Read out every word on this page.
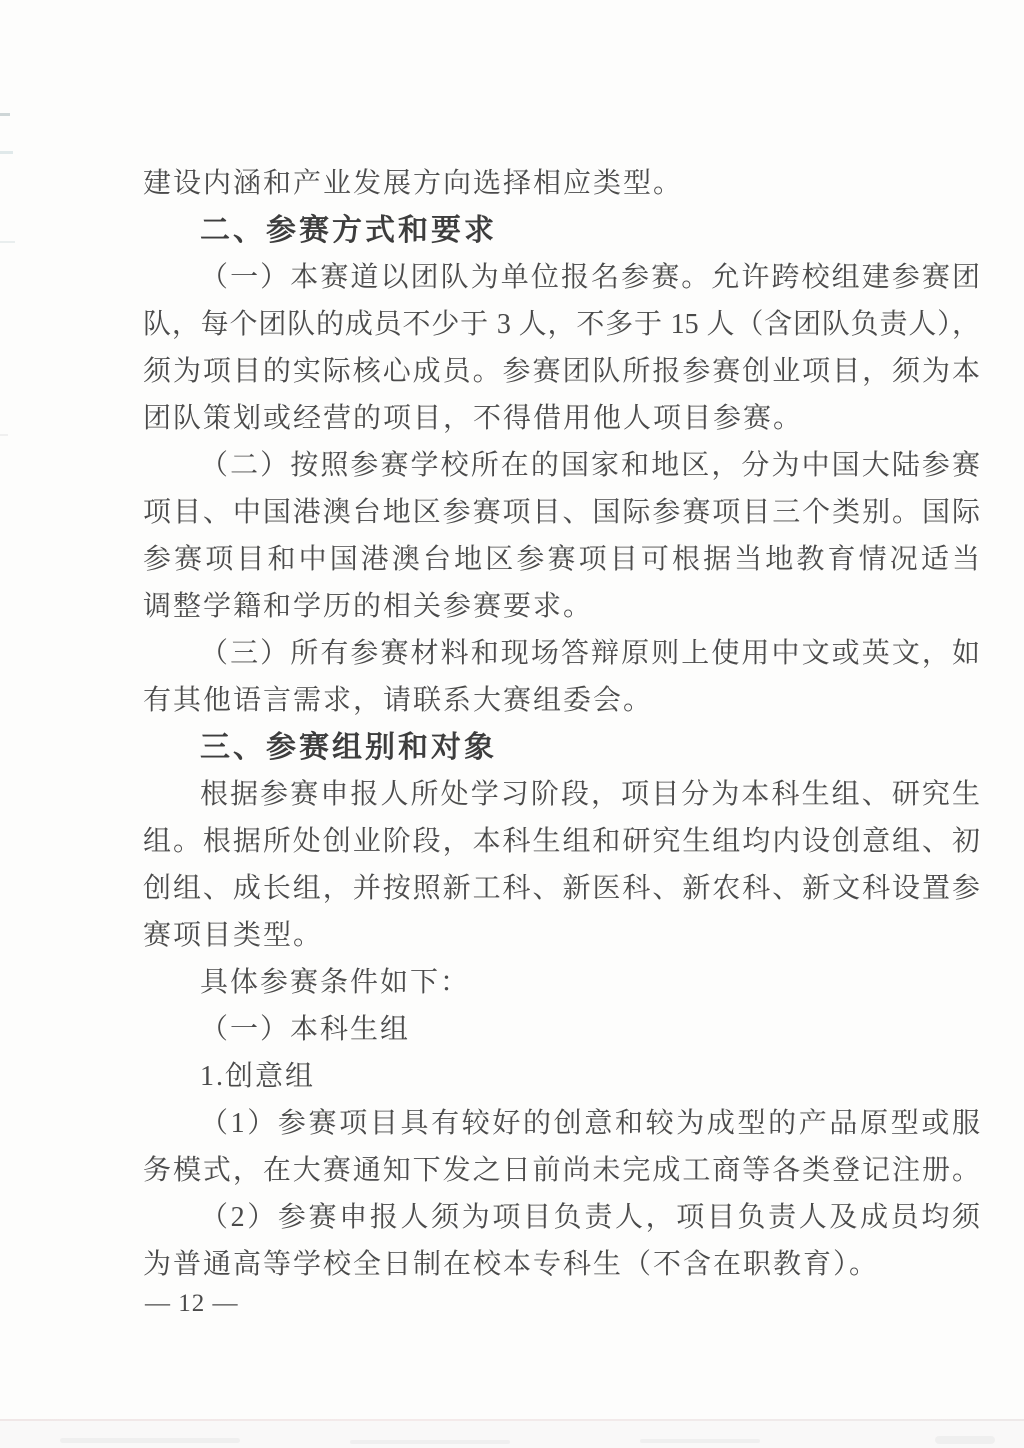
建设内涵和产业发展方向选择相应类型。
二、参赛方式和要求
（一）本赛道以团队为单位报名参赛。允许跨校组建参赛团
队，每个团队的成员不少于 3 人，不多于 15 人（含团队负责人），
须为项目的实际核心成员。参赛团队所报参赛创业项目，须为本
团队策划或经营的项目，不得借用他人项目参赛。
（二）按照参赛学校所在的国家和地区，分为中国大陆参赛
项目、中国港澳台地区参赛项目、国际参赛项目三个类别。国际
参赛项目和中国港澳台地区参赛项目可根据当地教育情况适当
调整学籍和学历的相关参赛要求。
（三）所有参赛材料和现场答辩原则上使用中文或英文，如
有其他语言需求，请联系大赛组委会。
三、参赛组别和对象
根据参赛申报人所处学习阶段，项目分为本科生组、研究生
组。根据所处创业阶段，本科生组和研究生组均内设创意组、初
创组、成长组，并按照新工科、新医科、新农科、新文科设置参
赛项目类型。
具体参赛条件如下：
（一）本科生组
1.创意组
（1）参赛项目具有较好的创意和较为成型的产品原型或服
务模式，在大赛通知下发之日前尚未完成工商等各类登记注册。
（2）参赛申报人须为项目负责人，项目负责人及成员均须
为普通高等学校全日制在校本专科生（不含在职教育）。
— 12 —
